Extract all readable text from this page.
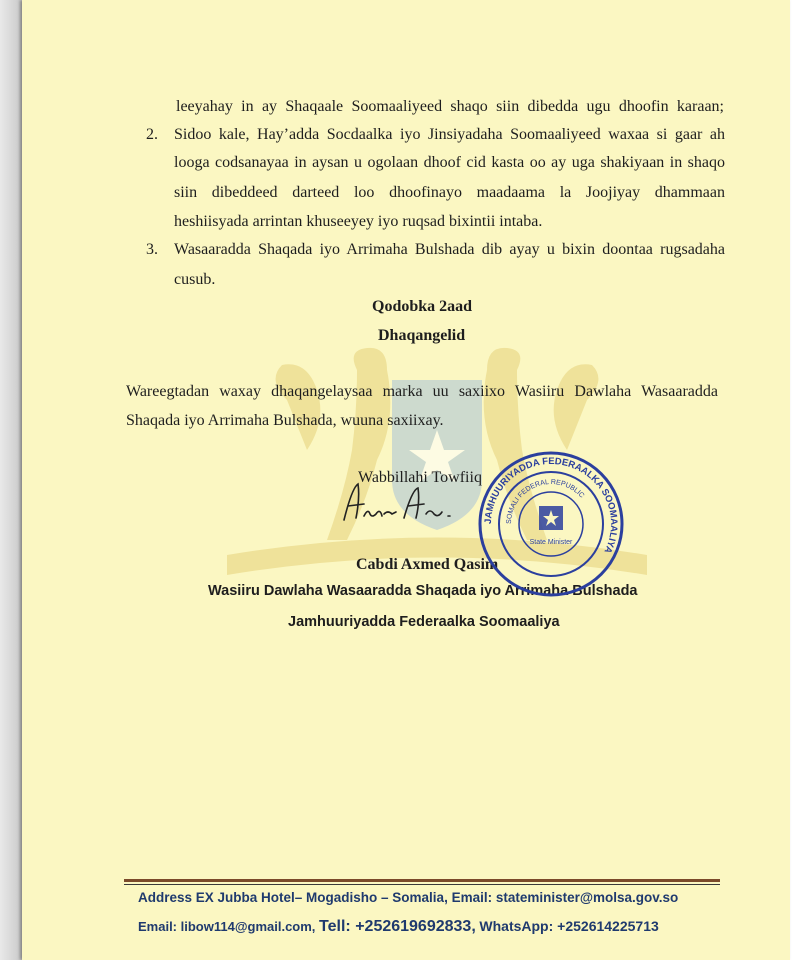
leeyahay in ay Shaqaale Soomaaliyeed shaqo siin dibedda ugu dhoofin karaan;
2. Sidoo kale, Hay’adda Socdaalka iyo Jinsiyadaha Soomaaliyeed waxaa si gaar ah
looga codsanayaa in aysan u ogolaan dhoof cid kasta oo ay uga shakiyaan in shaqo
siin dibeddeed darteed loo dhoofinayo maadaama la Joojiyay dhammaan
heshiisyada arrintan khuseeyey iyo ruqsad bixintii intaba.
3. Wasaaradda Shaqada iyo Arrimaha Bulshada dib ayay u bixin doontaa rugsadaha
cusub.
Qodobka 2aad
Dhaqangelid
Wareegtadan waxay dhaqangelaysaa marka uu saxiixo Wasiiru Dawlaha Wasaaradda
Shaqada iyo Arrimaha Bulshada, wuuna saxiixay.
Wabbillahi Towfiiq
Cabdi Axmed Qasim
Wasiiru Dawlaha Wasaaradda Shaqada iyo Arrimaha Bulshada
Jamhuuriyadda Federaalka Soomaaliya
JAMHUURIYADDA FEDERAALKA SOOMAALIYA
SOMALI FEDERAL REPUBLIC
State Minister
Address EX Jubba Hotel– Mogadisho – Somalia, Email: stateminister@molsa.gov.so
Email: libow114@gmail.com, Tell: +252619692833, WhatsApp: +252614225713
